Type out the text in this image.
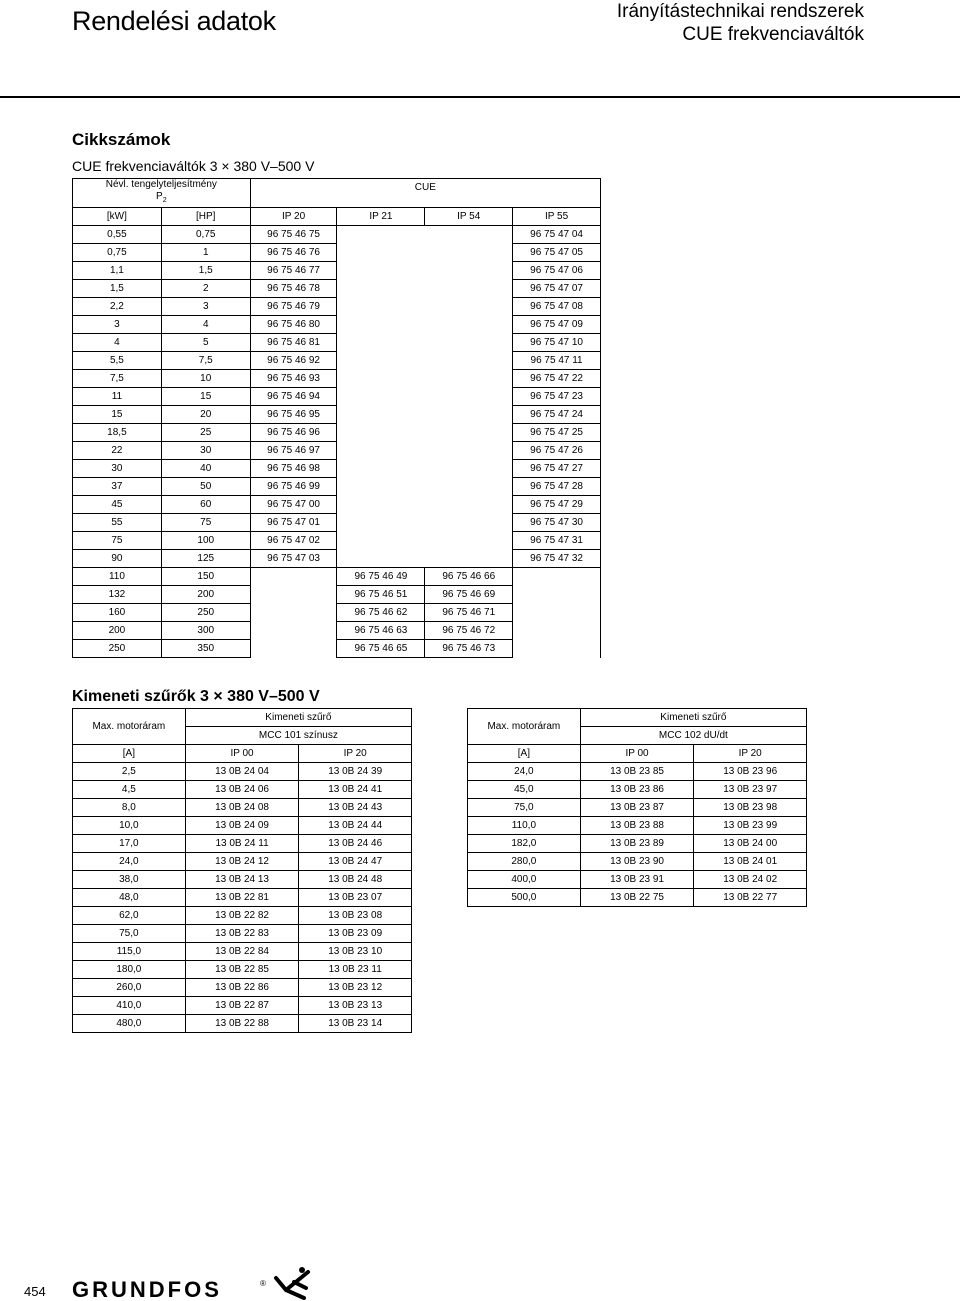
Rendelési adatok	Irányítástechnikai rendszerek
CUE frekvenciaváltók
Cikkszámok
CUE frekvenciaváltók 3 × 380 V–500 V
Névl. tengelyteljesítmény
$P_2$		CUE			
[kW]	[HP]	IP 20	IP 21	IP 54	IP 55
0,55	0,75	96 75 46 75			96 75 47 04
0,75	1	96 75 46 76			96 75 47 05
1,1	1,5	96 75 46 77			96 75 47 06
1,5	2	96 75 46 78			96 75 47 07
2,2	3	96 75 46 79			96 75 47 08
3	4	96 75 46 80			96 75 47 09
4	5	96 75 46 81			96 75 47 10
5,5	7,5	96 75 46 92			96 75 47 11
7,5	10	96 75 46 93			96 75 47 22
11	15	96 75 46 94			96 75 47 23
15	20	96 75 46 95			96 75 47 24
18,5	25	96 75 46 96			96 75 47 25
22	30	96 75 46 97			96 75 47 26
30	40	96 75 46 98			96 75 47 27
37	50	96 75 46 99			96 75 47 28
45	60	96 75 47 00			96 75 47 29
55	75	96 75 47 01			96 75 47 30
75	100	96 75 47 02			96 75 47 31
90	125	96 75 47 03			96 75 47 32
110	150		96 75 46 49	96 75 46 66	
132	200		96 75 46 51	96 75 46 69	
160	250		96 75 46 62	96 75 46 71	
200	300		96 75 46 63	96 75 46 72	
250	350		96 75 46 65	96 75 46 73	
Kimeneti szűrők 3 × 380 V–500 V
Max. motoráram	Kimeneti szűrő	
	MCC 101 színusz	
[A]	IP 00	IP 20
2,5	13 0B 24 04	13 0B 24 39
4,5	13 0B 24 06	13 0B 24 41
8,0	13 0B 24 08	13 0B 24 43
10,0	13 0B 24 09	13 0B 24 44
17,0	13 0B 24 11	13 0B 24 46
24,0	13 0B 24 12	13 0B 24 47
38,0	13 0B 24 13	13 0B 24 48
48,0	13 0B 22 81	13 0B 23 07
62,0	13 0B 22 82	13 0B 23 08
75,0	13 0B 22 83	13 0B 23 09
115,0	13 0B 22 84	13 0B 23 10
180,0	13 0B 22 85	13 0B 23 11
260,0	13 0B 22 86	13 0B 23 12
410,0	13 0B 22 87	13 0B 23 13
480,0	13 0B 22 88	13 0B 23 14
Max. motoráram	Kimeneti szűrő	
	MCC 102 dU/dt	
[A]	IP 00	IP 20
24,0	13 0B 23 85	13 0B 23 96
45,0	13 0B 23 86	13 0B 23 97
75,0	13 0B 23 87	13 0B 23 98
110,0	13 0B 23 88	13 0B 23 99
182,0	13 0B 23 89	13 0B 24 00
280,0	13 0B 23 90	13 0B 24 01
400,0	13 0B 23 91	13 0B 24 02
500,0	13 0B 22 75	13 0B 22 77
454 GRUNDFOS	®
